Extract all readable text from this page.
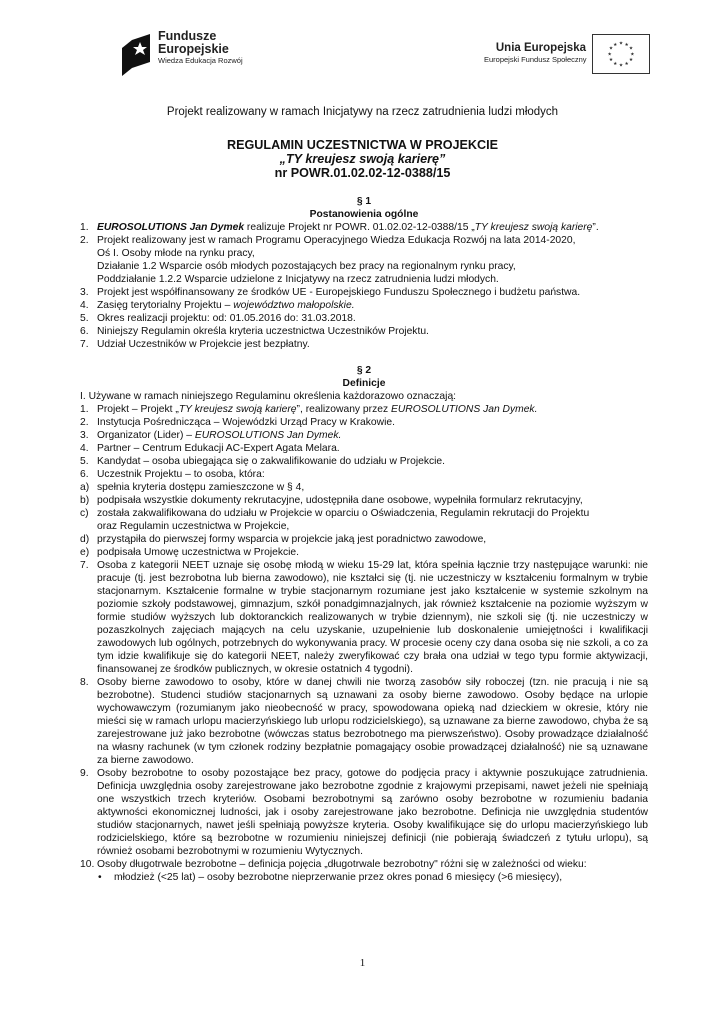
Fundusze
Europejskie
Wiedza Edukacja Rozwój
Unia Europejska
Europejski Fundusz Społeczny
★ ★
★
★
★
★
★
★
★
★
★
★
Projekt realizowany w ramach Inicjatywy na rzecz zatrudnienia ludzi młodych
REGULAMIN UCZESTNICTWA W PROJEKCIE
„TY kreujesz swoją karierę”
nr POWR.01.02.02-12-0388/15
§ 1
Postanowienia ogólne
1. EUROSOLUTIONS Jan Dymek realizuje Projekt nr POWR. 01.02.02-12-0388/15 „TY kreujesz swoją karierę”.
2. Projekt realizowany jest w ramach Programu Operacyjnego Wiedza Edukacja Rozwój na lata 2014-2020,
Oś I. Osoby młode na rynku pracy,
Działanie 1.2 Wsparcie osób młodych pozostających bez pracy na regionalnym rynku pracy,
Poddziałanie 1.2.2 Wsparcie udzielone z Inicjatywy na rzecz zatrudnienia ludzi młodych.
3. Projekt jest współfinansowany ze środków UE - Europejskiego Funduszu Społecznego i budżetu państwa.
4. Zasięg terytorialny Projektu – województwo małopolskie.
5. Okres realizacji projektu: od: 01.05.2016 do: 31.03.2018.
6. Niniejszy Regulamin określa kryteria uczestnictwa Uczestników Projektu.
7. Udział Uczestników w Projekcie jest bezpłatny.
§ 2
Definicje
I. Używane w ramach niniejszego Regulaminu określenia każdorazowo oznaczają:
1. Projekt – Projekt „TY kreujesz swoją karierę”, realizowany przez EUROSOLUTIONS Jan Dymek.
2. Instytucja Pośrednicząca – Wojewódzki Urząd Pracy w Krakowie.
3. Organizator (Lider) – EUROSOLUTIONS Jan Dymek.
4. Partner – Centrum Edukacji AC-Expert Agata Melara.
5. Kandydat – osoba ubiegająca się o zakwalifikowanie do udziału w Projekcie.
6. Uczestnik Projektu – to osoba, która:
a) spełnia kryteria dostępu zamieszczone w § 4,
b) podpisała wszystkie dokumenty rekrutacyjne, udostępniła dane osobowe, wypełniła formularz rekrutacyjny,
c) została zakwalifikowana do udziału w Projekcie w oparciu o Oświadczenia, Regulamin rekrutacji do Projektu
oraz Regulamin uczestnictwa w Projekcie,
d) przystąpiła do pierwszej formy wsparcia w projekcie jaką jest poradnictwo zawodowe,
e) podpisała Umowę uczestnictwa w Projekcie.
7. Osoba z kategorii NEET uznaje się osobę młodą w wieku 15-29 lat, która spełnia łącznie trzy następujące warunki: nie pracuje (tj. jest bezrobotna lub bierna zawodowo), nie kształci się (tj. nie uczestniczy w kształceniu formalnym w trybie stacjonarnym. Kształcenie formalne w trybie stacjonarnym rozumiane jest jako kształcenie w systemie szkolnym na poziomie szkoły podstawowej, gimnazjum, szkół ponadgimnazjalnych, jak również kształcenie na poziomie wyższym w formie studiów wyższych lub doktoranckich realizowanych w trybie dziennym), nie szkoli się (tj. nie uczestniczy w pozaszkolnych zajęciach mających na celu uzyskanie, uzupełnienie lub doskonalenie umiejętności i kwalifikacji zawodowych lub ogólnych, potrzebnych do wykonywania pracy. W procesie oceny czy dana osoba się nie szkoli, a co za tym idzie kwalifikuje się do kategorii NEET, należy zweryfikować czy brała ona udział w tego typu formie aktywizacji, finansowanej ze środków publicznych, w okresie ostatnich 4 tygodni).
8. Osoby bierne zawodowo to osoby, które w danej chwili nie tworzą zasobów siły roboczej (tzn. nie pracują i nie są bezrobotne). Studenci studiów stacjonarnych są uznawani za osoby bierne zawodowo. Osoby będące na urlopie wychowawczym (rozumianym jako nieobecność w pracy, spowodowana opieką nad dzieckiem w okresie, który nie mieści się w ramach urlopu macierzyńskiego lub urlopu rodzicielskiego), są uznawane za bierne zawodowo, chyba że są zarejestrowane już jako bezrobotne (wówczas status bezrobotnego ma pierwszeństwo). Osoby prowadzące działalność na własny rachunek (w tym członek rodziny bezpłatnie pomagający osobie prowadzącej działalność) nie są uznawane za bierne zawodowo.
9. Osoby bezrobotne to osoby pozostające bez pracy, gotowe do podjęcia pracy i aktywnie poszukujące zatrudnienia. Definicja uwzględnia osoby zarejestrowane jako bezrobotne zgodnie z krajowymi przepisami, nawet jeżeli nie spełniają one wszystkich trzech kryteriów. Osobami bezrobotnymi są zarówno osoby bezrobotne w rozumieniu badania aktywności ekonomicznej ludności, jak i osoby zarejestrowane jako bezrobotne. Definicja nie uwzględnia studentów studiów stacjonarnych, nawet jeśli spełniają powyższe kryteria. Osoby kwalifikujące się do urlopu macierzyńskiego lub rodzicielskiego, które są bezrobotne w rozumieniu niniejszej definicji (nie pobierają świadczeń z tytułu urlopu), są również osobami bezrobotnymi w rozumieniu Wytycznych.
10. Osoby długotrwale bezrobotne – definicja pojęcia „długotrwale bezrobotny" różni się w zależności od wieku:
• młodzież (<25 lat) – osoby bezrobotne nieprzerwanie przez okres ponad 6 miesięcy (>6 miesięcy),
1
